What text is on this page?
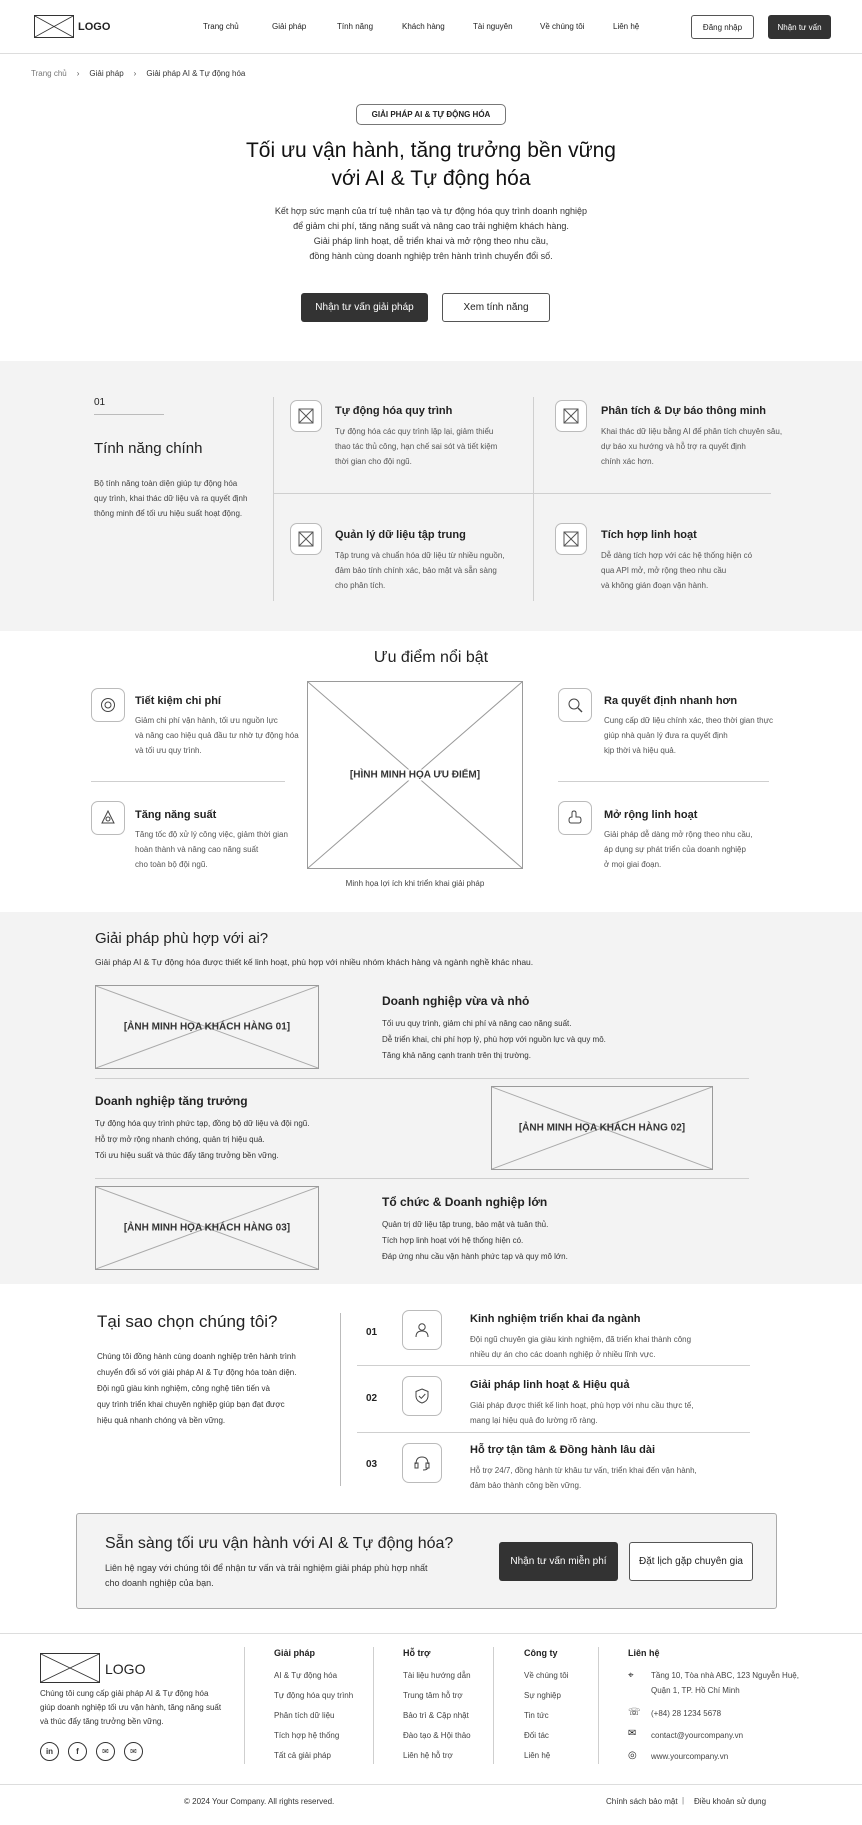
LOGO	Trang chủ	Giải pháp	Tính năng	Khách hàng	Tài nguyên	Về chúng tôi	Liên hệ	Đăng nhập	Nhận tư vấn
Trang chủ › Giải pháp › Giải pháp AI & Tự động hóa
GIẢI PHÁP AI & TỰ ĐỘNG HÓA
Tối ưu vận hành, tăng trưởng bền vững
với AI & Tự động hóa
Kết hợp sức mạnh của trí tuệ nhân tạo và tự động hóa quy trình doanh nghiệp
để giảm chi phí, tăng năng suất và nâng cao trải nghiệm khách hàng.
Giải pháp linh hoạt, dễ triển khai và mở rộng theo nhu cầu,
đồng hành cùng doanh nghiệp trên hành trình chuyển đổi số.
Nhận tư vấn giải pháp	Xem tính năng
01
Tính năng chính
Bộ tính năng toàn diện giúp tự động hóa
quy trình, khai thác dữ liệu và ra quyết định
thông minh để tối ưu hiệu suất hoạt động.
Tự động hóa quy trình
Tự động hóa các quy trình lặp lại, giảm thiểu
thao tác thủ công, hạn chế sai sót và tiết kiệm
thời gian cho đội ngũ.
Phân tích & Dự báo thông minh
Khai thác dữ liệu bằng AI để phân tích chuyên sâu,
dự báo xu hướng và hỗ trợ ra quyết định
chính xác hơn.
Quản lý dữ liệu tập trung
Tập trung và chuẩn hóa dữ liệu từ nhiều nguồn,
đảm bảo tính chính xác, bảo mật và sẵn sàng
cho phân tích.
Tích hợp linh hoạt
Dễ dàng tích hợp với các hệ thống hiện có
qua API mở, mở rộng theo nhu cầu
và không gián đoạn vận hành.
Ưu điểm nổi bật
[HÌNH MINH HỌA ƯU ĐIỂM]
Minh họa lợi ích khi triển khai giải pháp
Tiết kiệm chi phí
Giảm chi phí vận hành, tối ưu nguồn lực
và nâng cao hiệu quả đầu tư nhờ tự động hóa
và tối ưu quy trình.
Tăng năng suất
Tăng tốc độ xử lý công việc, giảm thời gian
hoàn thành và nâng cao năng suất
cho toàn bộ đội ngũ.
Ra quyết định nhanh hơn
Cung cấp dữ liệu chính xác, theo thời gian thực
giúp nhà quản lý đưa ra quyết định
kịp thời và hiệu quả.
Mở rộng linh hoạt
Giải pháp dễ dàng mở rộng theo nhu cầu,
áp dụng sự phát triển của doanh nghiệp
ở mọi giai đoạn.
Giải pháp phù hợp với ai?
Giải pháp AI & Tự động hóa được thiết kế linh hoạt, phù hợp với nhiều nhóm khách hàng và ngành nghề khác nhau.
[ẢNH MINH HỌA KHÁCH HÀNG 01]
Doanh nghiệp vừa và nhỏ
Tối ưu quy trình, giảm chi phí và nâng cao năng suất.
Dễ triển khai, chi phí hợp lý, phù hợp với nguồn lực và quy mô.
Tăng khả năng cạnh tranh trên thị trường.
Doanh nghiệp tăng trưởng
Tự động hóa quy trình phức tạp, đồng bộ dữ liệu và đội ngũ.
Hỗ trợ mở rộng nhanh chóng, quản trị hiệu quả.
Tối ưu hiệu suất và thúc đẩy tăng trưởng bền vững.
[ẢNH MINH HỌA KHÁCH HÀNG 02]
[ẢNH MINH HỌA KHÁCH HÀNG 03]
Tổ chức & Doanh nghiệp lớn
Quản trị dữ liệu tập trung, bảo mật và tuân thủ.
Tích hợp linh hoạt với hệ thống hiện có.
Đáp ứng nhu cầu vận hành phức tạp và quy mô lớn.
Tại sao chọn chúng tôi?
Chúng tôi đồng hành cùng doanh nghiệp trên hành trình
chuyển đổi số với giải pháp AI & Tự động hóa toàn diện.
Đội ngũ giàu kinh nghiệm, công nghệ tiên tiến và
quy trình triển khai chuyên nghiệp giúp bạn đạt được
hiệu quả nhanh chóng và bền vững.
01
Kinh nghiệm triển khai đa ngành
Đội ngũ chuyên gia giàu kinh nghiệm, đã triển khai thành công
nhiều dự án cho các doanh nghiệp ở nhiều lĩnh vực.
02
Giải pháp linh hoạt & Hiệu quả
Giải pháp được thiết kế linh hoạt, phù hợp với nhu cầu thực tế,
mang lại hiệu quả đo lường rõ ràng.
03
Hỗ trợ tận tâm & Đồng hành lâu dài
Hỗ trợ 24/7, đồng hành từ khâu tư vấn, triển khai đến vận hành,
đảm bảo thành công bền vững.
Sẵn sàng tối ưu vận hành với AI & Tự động hóa?
Liên hệ ngay với chúng tôi để nhận tư vấn và trải nghiệm giải pháp phù hợp nhất
cho doanh nghiệp của bạn.
Nhận tư vấn miễn phí	Đặt lịch gặp chuyên gia
LOGO
Chúng tôi cung cấp giải pháp AI & Tự động hóa
giúp doanh nghiệp tối ưu vận hành, tăng năng suất
và thúc đẩy tăng trưởng bền vững.
in	f	✉	✉
Giải pháp
AI & Tự động hóa
Tự động hóa quy trình
Phân tích dữ liệu
Tích hợp hệ thống
Tất cả giải pháp
Hỗ trợ
Tài liệu hướng dẫn
Trung tâm hỗ trợ
Bảo trì & Cập nhật
Đào tạo & Hội thảo
Liên hệ hỗ trợ
Công ty
Về chúng tôi
Sự nghiệp
Tin tức
Đối tác
Liên hệ
Liên hệ
⌖ Tầng 10, Tòa nhà ABC, 123 Nguyễn Huệ,
Quận 1, TP. Hồ Chí Minh
☏ (+84) 28 1234 5678
✉ contact@yourcompany.vn
◎ www.yourcompany.vn
© 2024 Your Company. All rights reserved.	Chính sách bảo mật | Điều khoản sử dụng
